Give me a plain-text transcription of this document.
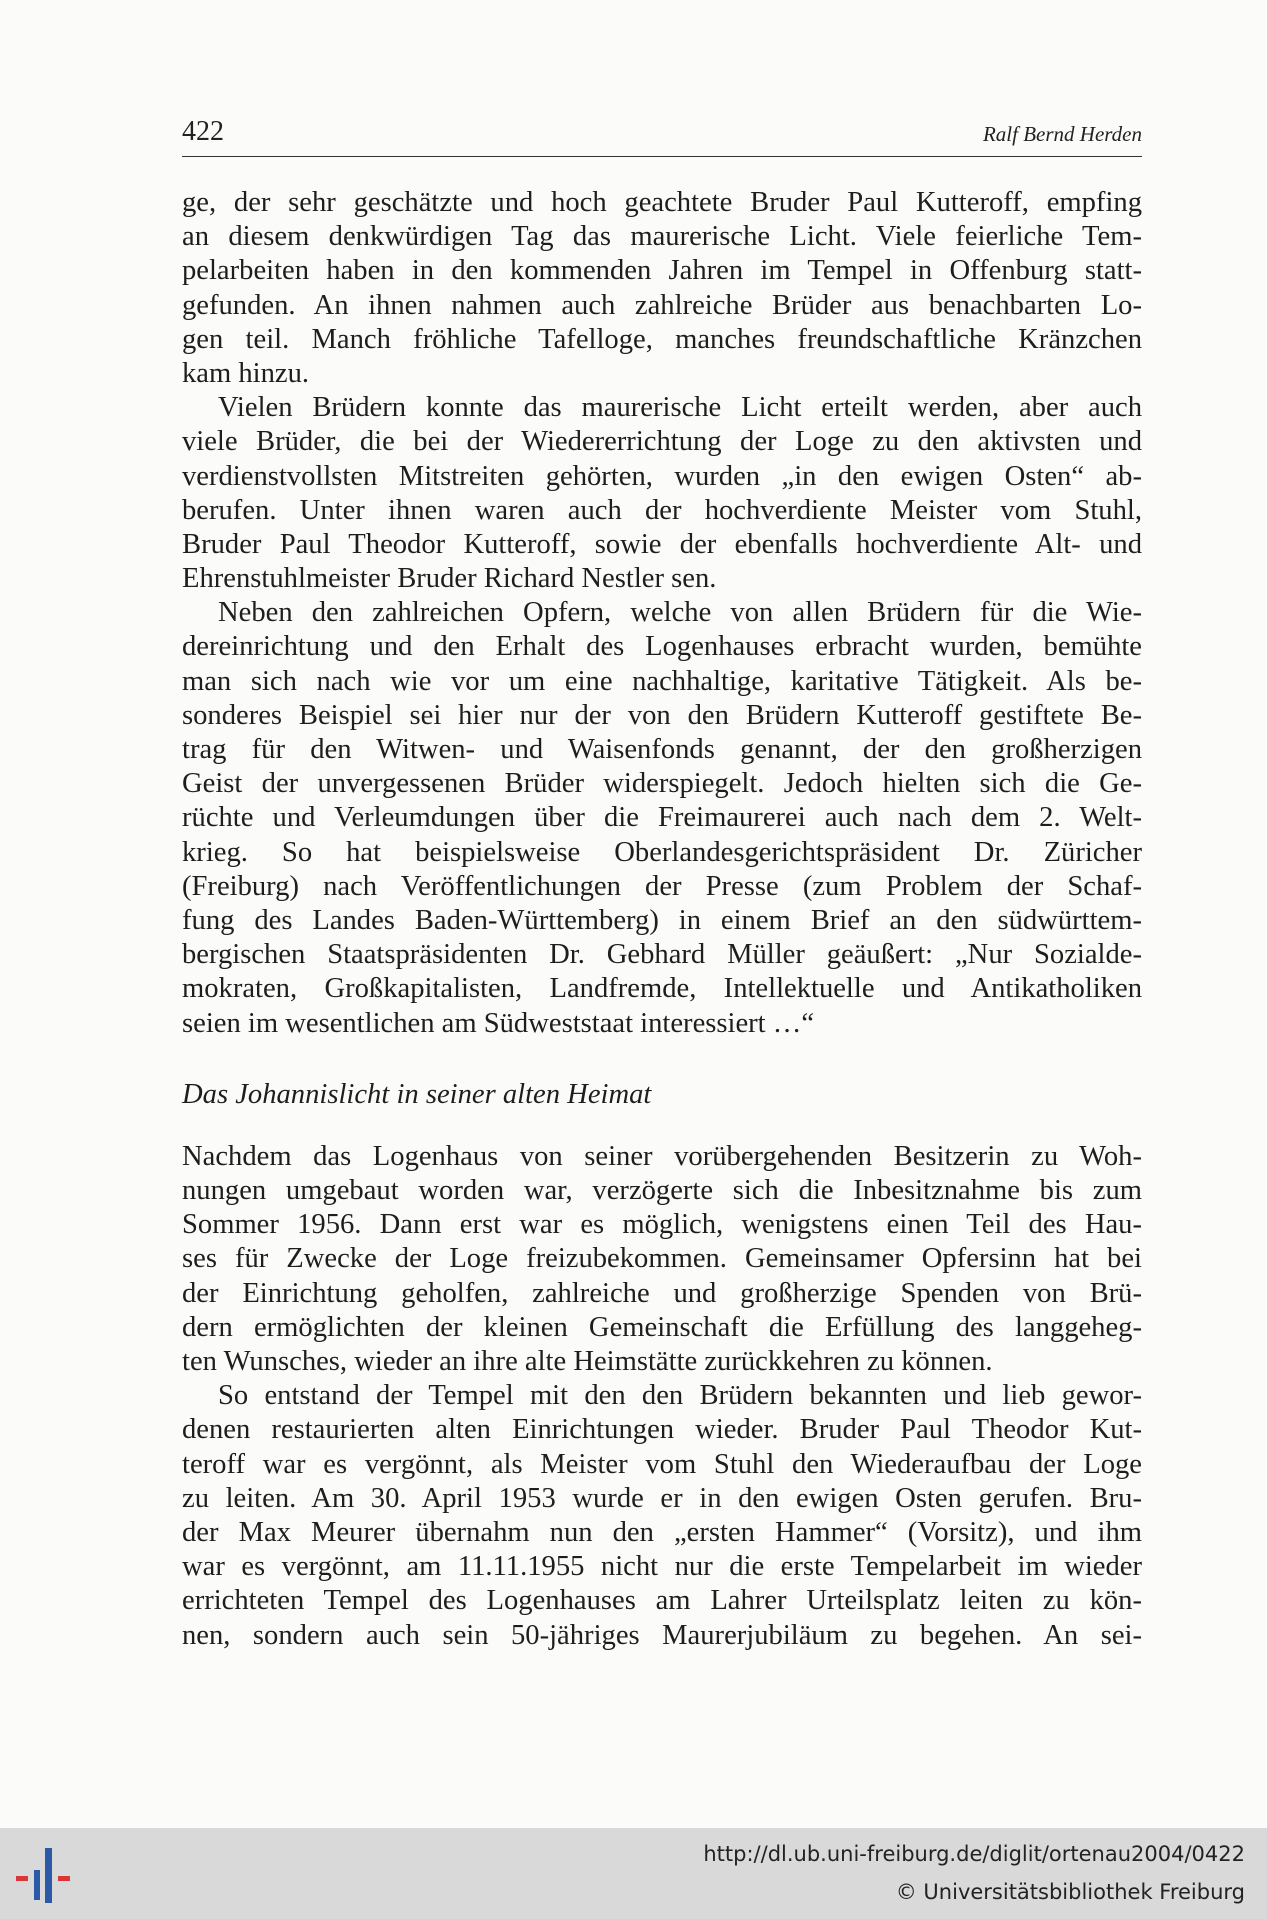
422	Ralf Bernd Herden
ge, der sehr geschätzte und hoch geachtete Bruder Paul Kutteroff, empfing
an diesem denkwürdigen Tag das maurerische Licht. Viele feierliche Tem-
pelarbeiten haben in den kommenden Jahren im Tempel in Offenburg statt-
gefunden. An ihnen nahmen auch zahlreiche Brüder aus benachbarten Lo-
gen teil. Manch fröhliche Tafelloge, manches freundschaftliche Kränzchen
kam hinzu.
Vielen Brüdern konnte das maurerische Licht erteilt werden, aber auch
viele Brüder, die bei der Wiedererrichtung der Loge zu den aktivsten und
verdienstvollsten Mitstreiten gehörten, wurden „in den ewigen Osten“ ab-
berufen. Unter ihnen waren auch der hochverdiente Meister vom Stuhl,
Bruder Paul Theodor Kutteroff, sowie der ebenfalls hochverdiente Alt- und
Ehrenstuhlmeister Bruder Richard Nestler sen.
Neben den zahlreichen Opfern, welche von allen Brüdern für die Wie-
dereinrichtung und den Erhalt des Logenhauses erbracht wurden, bemühte
man sich nach wie vor um eine nachhaltige, karitative Tätigkeit. Als be-
sonderes Beispiel sei hier nur der von den Brüdern Kutteroff gestiftete Be-
trag für den Witwen- und Waisenfonds genannt, der den großherzigen
Geist der unvergessenen Brüder widerspiegelt. Jedoch hielten sich die Ge-
rüchte und Verleumdungen über die Freimaurerei auch nach dem 2. Welt-
krieg. So hat beispielsweise Oberlandesgerichtspräsident Dr. Züricher
(Freiburg) nach Veröffentlichungen der Presse (zum Problem der Schaf-
fung des Landes Baden-Württemberg) in einem Brief an den südwürttem-
bergischen Staatspräsidenten Dr. Gebhard Müller geäußert: „Nur Sozialde-
mokraten, Großkapitalisten, Landfremde, Intellektuelle und Antikatholiken
seien im wesentlichen am Südweststaat interessiert …“
Das Johannislicht in seiner alten Heimat
Nachdem das Logenhaus von seiner vorübergehenden Besitzerin zu Woh-
nungen umgebaut worden war, verzögerte sich die Inbesitznahme bis zum
Sommer 1956. Dann erst war es möglich, wenigstens einen Teil des Hau-
ses für Zwecke der Loge freizubekommen. Gemeinsamer Opfersinn hat bei
der Einrichtung geholfen, zahlreiche und großherzige Spenden von Brü-
dern ermöglichten der kleinen Gemeinschaft die Erfüllung des langgeheg-
ten Wunsches, wieder an ihre alte Heimstätte zurückkehren zu können.
So entstand der Tempel mit den den Brüdern bekannten und lieb gewor-
denen restaurierten alten Einrichtungen wieder. Bruder Paul Theodor Kut-
teroff war es vergönnt, als Meister vom Stuhl den Wiederaufbau der Loge
zu leiten. Am 30. April 1953 wurde er in den ewigen Osten gerufen. Bru-
der Max Meurer übernahm nun den „ersten Hammer“ (Vorsitz), und ihm
war es vergönnt, am 11.11.1955 nicht nur die erste Tempelarbeit im wieder
errichteten Tempel des Logenhauses am Lahrer Urteilsplatz leiten zu kön-
nen, sondern auch sein 50-jähriges Maurerjubiläum zu begehen. An sei-
http://dl.ub.uni-freiburg.de/diglit/ortenau2004/0422
© Universitätsbibliothek Freiburg
